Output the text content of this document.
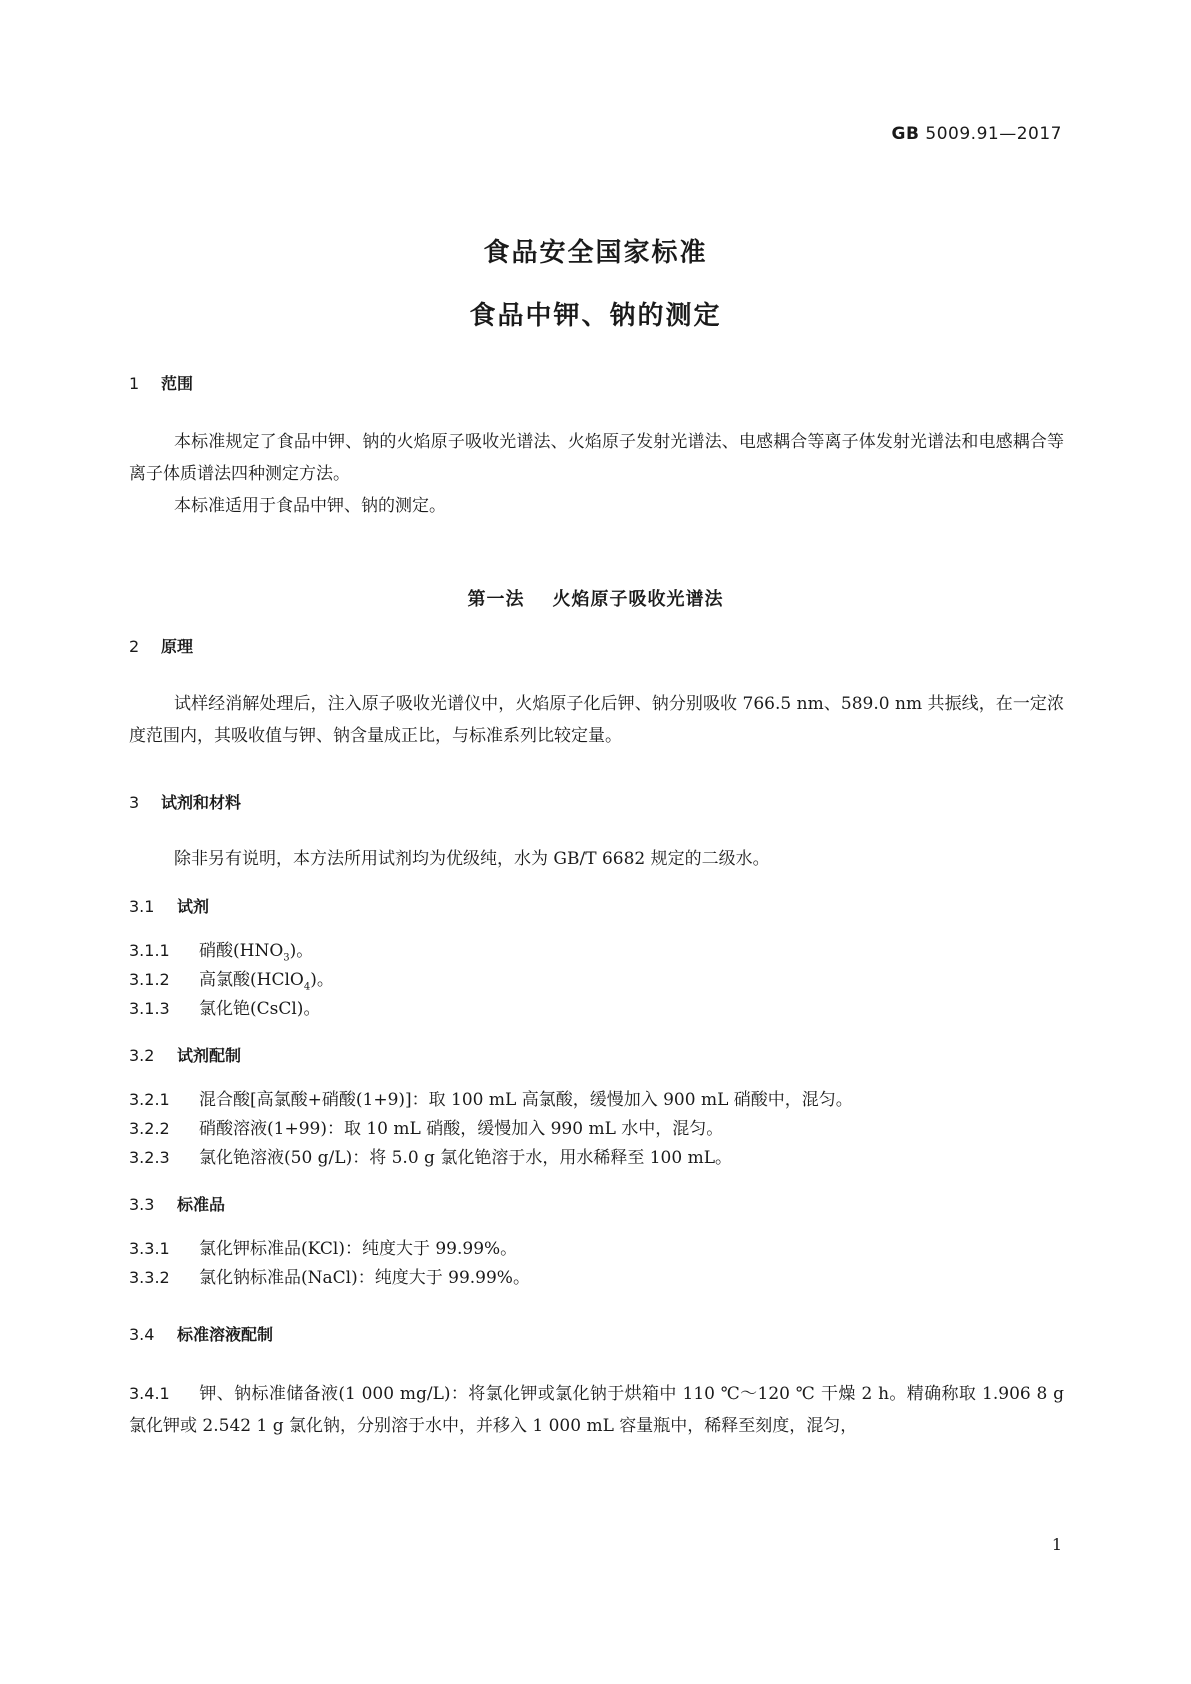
GB 5009.91—2017
食品安全国家标准
食品中钾、钠的测定
1 范围
本标准规定了食品中钾、钠的火焰原子吸收光谱法、火焰原子发射光谱法、电感耦合等离子体发射光谱法和电感耦合等离子体质谱法四种测定方法。
本标准适用于食品中钾、钠的测定。
第一法 火焰原子吸收光谱法
2 原理
试样经消解处理后，注入原子吸收光谱仪中，火焰原子化后钾、钠分别吸收 766.5 nm、589.0 nm 共振线，在一定浓度范围内，其吸收值与钾、钠含量成正比，与标准系列比较定量。
3 试剂和材料
除非另有说明，本方法所用试剂均为优级纯，水为 GB/T 6682 规定的二级水。
3.1 试剂
3.1.1 硝酸$(HNO_3)$。
3.1.2 高氯酸(HClO$_4$)。
3.1.3 氯化铯(CsCl)。
3.2 试剂配制
3.2.1 混合酸[高氯酸+硝酸(1+9)]：取 100 mL 高氯酸，缓慢加入 900 mL 硝酸中，混匀。
3.2.2 硝酸溶液(1+99)：取 10 mL 硝酸，缓慢加入 990 mL 水中，混匀。
3.2.3 氯化铯溶液(50 g/L)：将 5.0 g 氯化铯溶于水，用水稀释至 100 mL。
3.3 标准品
3.3.1 氯化钾标准品(KCl)：纯度大于 99.99%。
3.3.2 氯化钠标准品(NaCl)：纯度大于 99.99%。
3.4 标准溶液配制
3.4.1 钾、钠标准储备液(1 000 mg/L)：将氯化钾或氯化钠于烘箱中 110 ℃～120 ℃ 干燥 2 h。精确称取 1.906 8 g 氯化钾或 2.542 1 g 氯化钠，分别溶于水中，并移入 1 000 mL 容量瓶中，稀释至刻度，混匀，
1
